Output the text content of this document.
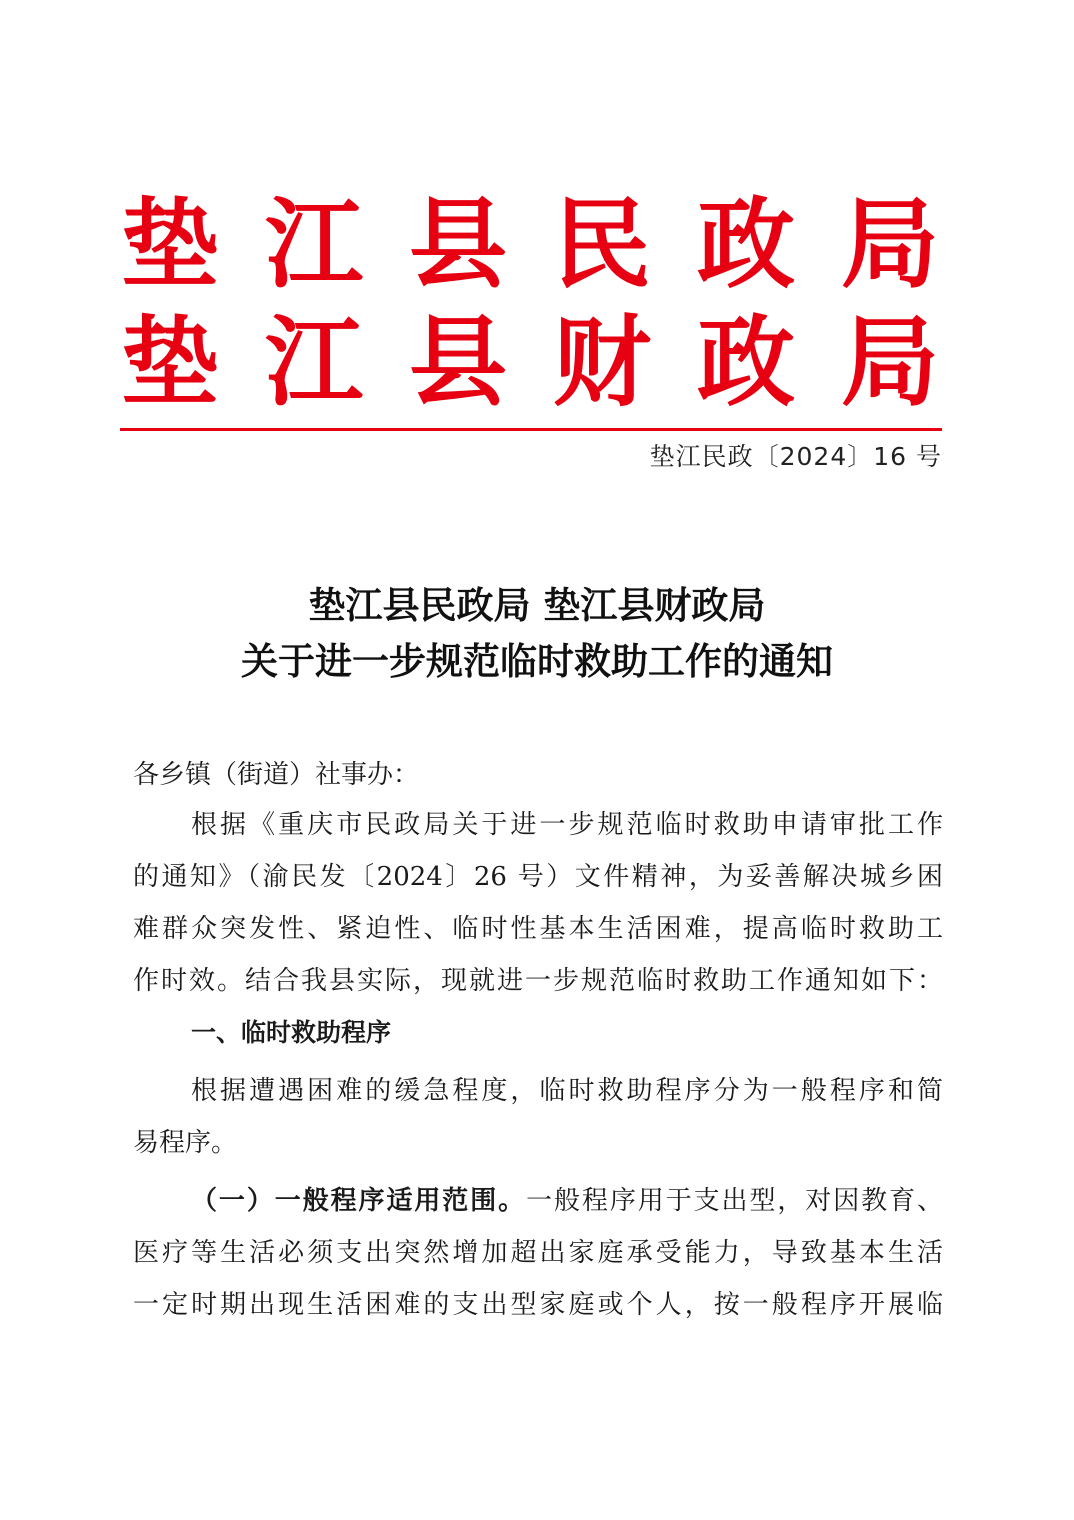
垫 江 县 民 政 局
垫 江 县 财 政 局
垫江民政〔2024〕16 号
垫江县民政局 垫江县财政局
关于进一步规范临时救助工作的通知
各乡镇（街道）社事办：
根据《重庆市民政局关于进一步规范临时救助申请审批工作
的通知》（渝民发〔2024〕26 号）文件精神，为妥善解决城乡困
难群众突发性、紧迫性、临时性基本生活困难，提高临时救助工
作时效。结合我县实际，现就进一步规范临时救助工作通知如下：
一、临时救助程序
根据遭遇困难的缓急程度，临时救助程序分为一般程序和简
易程序。
（一）一般程序适用范围。一般程序用于支出型，对因教育、
医疗等生活必须支出突然增加超出家庭承受能力，导致基本生活
一定时期出现生活困难的支出型家庭或个人，按一般程序开展临
